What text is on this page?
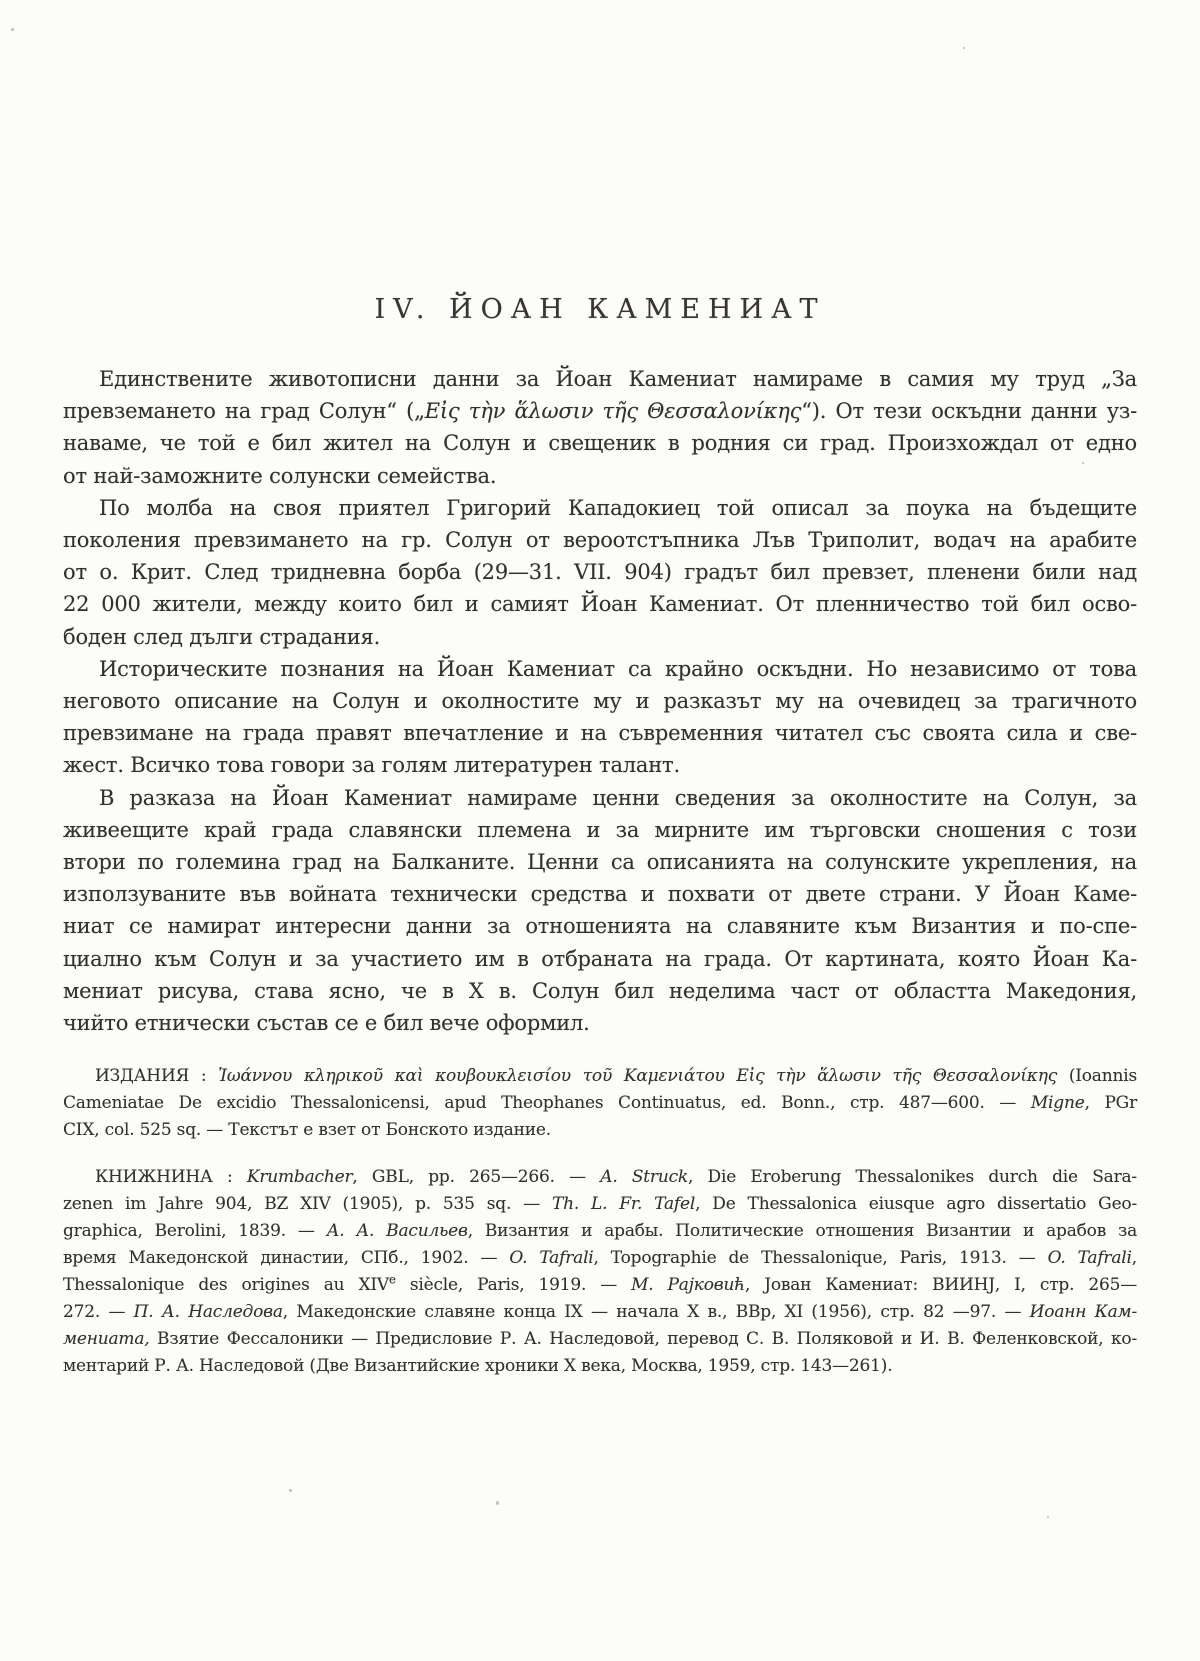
IV. ЙОАН КАМЕНИАТ
Единствените животописни данни за Йоан Камениат намираме в самия му труд „За
превземането на град Солун“ („Εἰς τὴν ἅλωσιν τῆς Θεσσαλονίκης“). От тези оскъдни данни уз-
наваме, че той е бил жител на Солун и свещеник в родния си град. Произхождал от едно
от най-заможните солунски семейства.
По молба на своя приятел Григорий Кападокиец той описал за поука на бъдещите
поколения превзимането на гр. Солун от вероотстъпника Лъв Триполит, водач на арабите
от о. Крит. След тридневна борба (29—31. VII. 904) градът бил превзет, пленени били над
22 000 жители, между които бил и самият Йоан Камениат. От пленничество той бил осво-
боден след дълги страдания.
Историческите познания на Йоан Камениат са крайно оскъдни. Но независимо от това
неговото описание на Солун и околностите му и разказът му на очевидец за трагичното
превзимане на града правят впечатление и на съвременния читател със своята сила и све-
жест. Всичко това говори за голям литературен талант.
В разказа на Йоан Камениат намираме ценни сведения за околностите на Солун, за
живеещите край града славянски племена и за мирните им търговски сношения с този
втори по големина град на Балканите. Ценни са описанията на солунските укрепления, на
използуваните във войната технически средства и похвати от двете страни. У Йоан Каме-
ниат се намират интересни данни за отношенията на славяните към Византия и по-спе-
циално към Солун и за участието им в отбраната на града. От картината, която Йоан Ка-
мениат рисува, става ясно, че в X в. Солун бил неделима част от областта Македония,
чийто етнически състав се е бил вече оформил.
ИЗДАНИЯ : Ἰωάννου κληρικοῦ καὶ κουβουκλεισίου τοῦ Καμενιάτου Εἰς τὴν ἅλωσιν τῆς Θεσσαλονίκης (Ioannis
Cameniatae De excidio Thessalonicensi, apud Theophanes Continuatus, ed. Bonn., стр. 487—600. — Migne, PGr
CIX, col. 525 sq. — Текстът е взет от Бонското издание.
КНИЖНИНА : Krumbacher, GBL, pp. 265—266. — A. Struck, Die Eroberung Thessalonikes durch die Sara-
zenen im Jahre 904, BZ XIV (1905), p. 535 sq. — Th. L. Fr. Tafel, De Thessalonica eiusque agro dissertatio Geo-
graphica, Berolini, 1839. — А. А. Васильев, Византия и арабы. Политические отношения Византии и арабов за
время Македонской династии, СПб., 1902. — O. Tafrali, Topographie de Thessalonique, Paris, 1913. — O. Tafrali,
Thessalonique des origines au XIVe siècle, Paris, 1919. — М. Рајковић, Јован Камениат: ВИИНЈ, I, стр. 265—
272. — П. А. Наследова, Македонские славяне конца IX — начала X в., ВВр, XI (1956), стр. 82 —97. — Иоанн Кам-
мениата, Взятие Фессалоники — Предисловие Р. А. Наследовой, перевод С. В. Поляковой и И. В. Феленковской, ко-
ментарий Р. А. Наследовой (Две Византийские хроники X века, Москва, 1959, стр. 143—261).
